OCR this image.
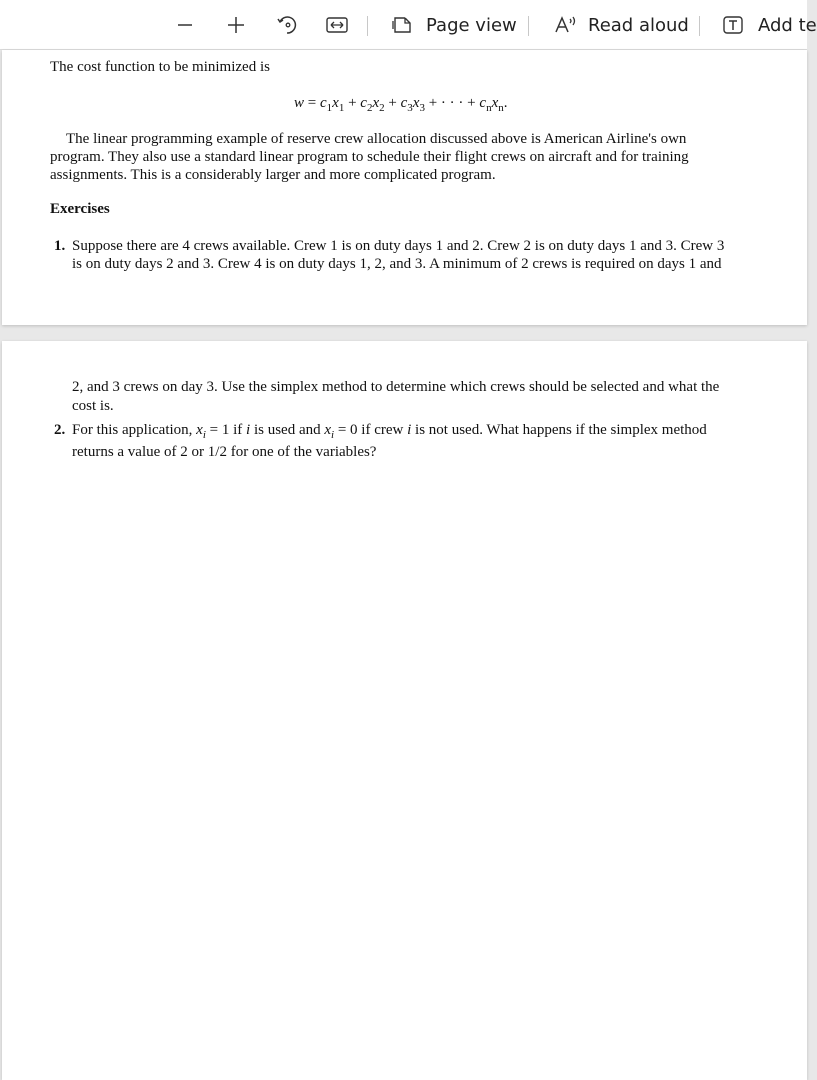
Page view	Read aloud	Add te
The cost function to be minimized is
$w = c_1x_1 + c_2x_2 + c_3x_3$ + · · · + $c_nx_n$.
The linear programming example of reserve crew allocation discussed above is American Airline's own
program. They also use a standard linear program to schedule their flight crews on aircraft and for training
assignments. This is a considerably larger and more complicated program.
Exercises
1. Suppose there are 4 crews available. Crew 1 is on duty days 1 and 2. Crew 2 is on duty days 1 and 3. Crew 3
is on duty days 2 and 3. Crew 4 is on duty days 1, 2, and 3. A minimum of 2 crews is required on days 1 and
2, and 3 crews on day 3. Use the simplex method to determine which crews should be selected and what the
cost is.
2. For this application, $x_i = 1$ if i is used and $x_i = 0$ if crew i is not used. What happens if the simplex method
returns a value of 2 or 1/2 for one of the variables?
